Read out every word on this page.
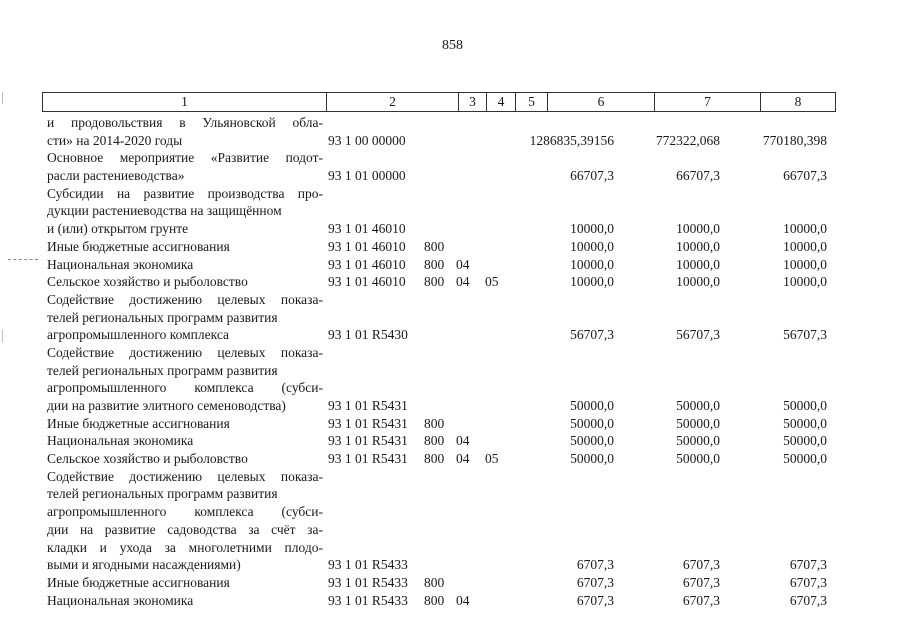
858
1	2	3	4	5	6	7	8
и продовольствия в Ульяновской обла-
сти» на 2014-2020 годы	93 1 00 00000	1286835,39156	772322,068	770180,398
Основное мероприятие «Развитие подот-
расли растениеводства»	93 1 01 00000	66707,3	66707,3	66707,3
Субсидии на развитие производства про-
дукции растениеводства на защищённом
и (или) открытом грунте	93 1 01 46010	10000,0	10000,0	10000,0
Иные бюджетные ассигнования	93 1 01 46010 800	10000,0	10000,0	10000,0
Национальная экономика	93 1 01 46010 800 04	10000,0	10000,0	10000,0
Сельское хозяйство и рыболовство	93 1 01 46010 800 04 05	10000,0	10000,0	10000,0
Содействие достижению целевых показа-
телей региональных программ развития
агропромышленного комплекса	93 1 01 R5430	56707,3	56707,3	56707,3
Содействие достижению целевых показа-
телей региональных программ развития
агропромышленного комплекса (субси-
дии на развитие элитного семеноводства)	93 1 01 R5431	50000,0	50000,0	50000,0
Иные бюджетные ассигнования	93 1 01 R5431 800	50000,0	50000,0	50000,0
Национальная экономика	93 1 01 R5431 800 04	50000,0	50000,0	50000,0
Сельское хозяйство и рыболовство	93 1 01 R5431 800 04 05	50000,0	50000,0	50000,0
Содействие достижению целевых показа-
телей региональных программ развития
агропромышленного комплекса (субси-
дии на развитие садоводства за счёт за-
кладки и ухода за многолетними плодо-
выми и ягодными насаждениями)	93 1 01 R5433	6707,3	6707,3	6707,3
Иные бюджетные ассигнования	93 1 01 R5433 800	6707,3	6707,3	6707,3
Национальная экономика	93 1 01 R5433 800 04	6707,3	6707,3	6707,3
